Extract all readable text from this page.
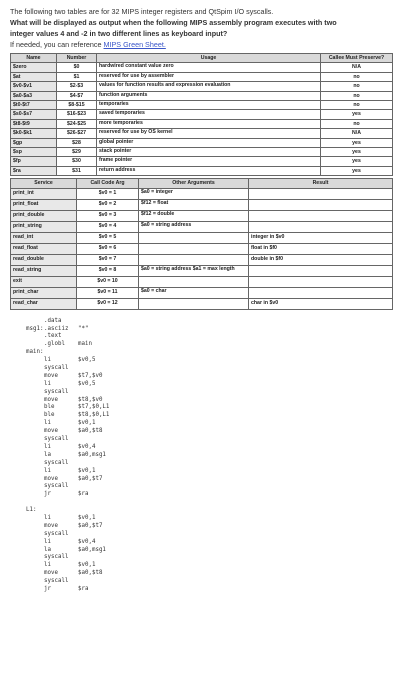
The following two tables are for 32 MIPS integer registers and QtSpim I/O syscalls.
What will be displayed as output when the following MIPS assembly program executes with two
integer values 4 and -2 in two different lines as keyboard input?
If needed, you can reference MIPS Green Sheet.
Name	Number	Usage	Callee Must Preserve?
$zero	$0	hardwired constant value zero	N/A
$at	$1	reserved for use by assembler	no
$v0-$v1	$2-$3	values for function results and expression evaluation	no
$a0-$a3	$4-$7	function arguments	no
$t0-$t7	$8-$15	temporaries	no
$s0-$s7	$16-$23	saved temporaries	yes
$t8-$t9	$24-$25	more temporaries	no
$k0-$k1	$26-$27	reserved for use by OS kernel	N/A
$gp	$28	global pointer	yes
$sp	$29	stack pointer	yes
$fp	$30	frame pointer	yes
$ra	$31	return address	yes
Service	Call Code Arg	Other Arguments	Result
print_int	$v0 = 1	$a0 = integer	
print_float	$v0 = 2	$f12 = float	
print_double	$v0 = 3	$f12 = double	
print_string	$v0 = 4	$a0 = string address	
read_int	$v0 = 5		integer in $v0
read_float	$v0 = 6		float in $f0
read_double	$v0 = 7		double in $f0
read_string	$v0 = 8	$a0 = string address $a1 = max length	
exit	$v0 = 10		
print_char	$v0 = 11	$a0 = char	
read_char	$v0 = 12		char in $v0
.data
msg1: .asciiz	"*"
.text
.globl	main
main:
li	$v0,5
syscall
move	$t7,$v0
li	$v0,5
syscall
move	$t8,$v0
ble	$t7,$0,L1
ble	$t8,$0,L1
li	$v0,1
move	$a0,$t8
syscall
li	$v0,4
la	$a0,msg1
syscall
li	$v0,1
move	$a0,$t7
syscall
jr	$ra
L1:
li	$v0,1
move	$a0,$t7
syscall
li	$v0,4
la	$a0,msg1
syscall
li	$v0,1
move	$a0,$t8
syscall
jr	$ra
